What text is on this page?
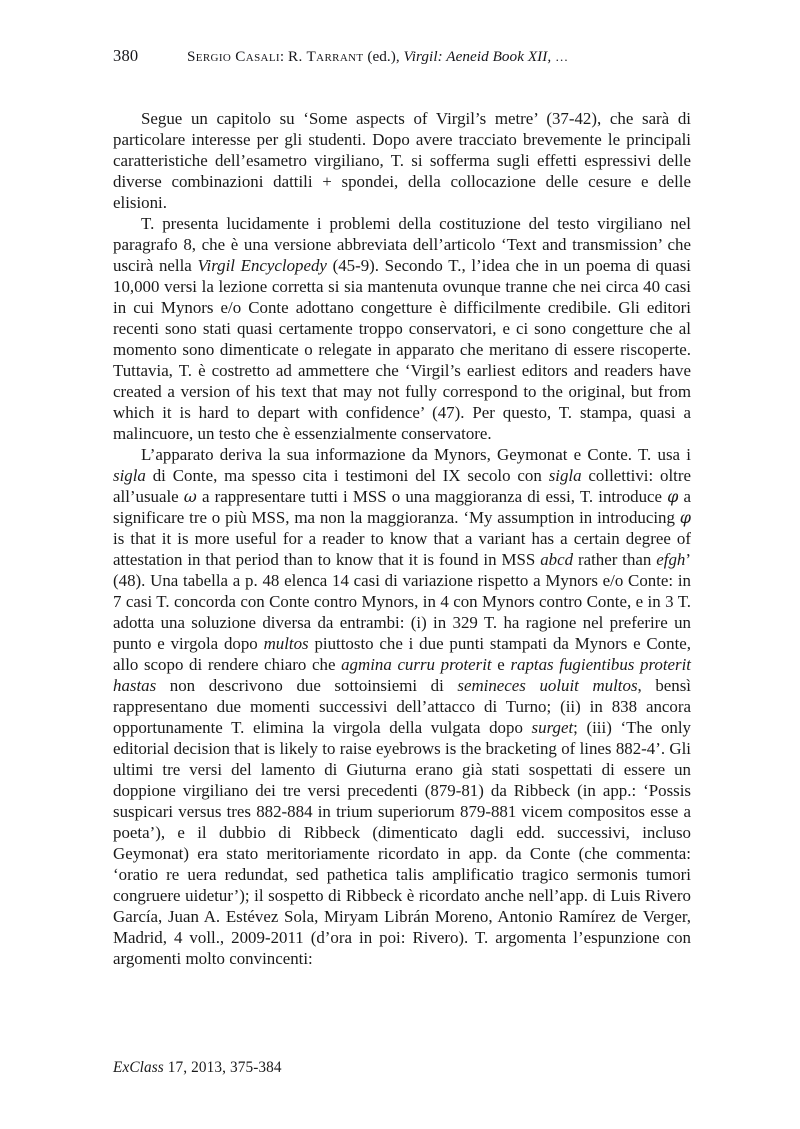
380	Sergio Casali: R. Tarrant (ed.), Virgil: Aeneid Book XII, …

Segue un capitolo su ‘Some aspects of Virgil’s metre’ (37-42), che sarà di particolare interesse per gli studenti. Dopo avere tracciato brevemente le principali caratteristiche dell’esametro virgiliano, T. si sofferma sugli effetti espressivi delle diverse combinazioni dattili + spondei, della collocazione delle cesure e delle elisioni.

T. presenta lucidamente i problemi della costituzione del testo virgiliano nel paragrafo 8, che è una versione abbreviata dell’articolo ‘Text and transmission’ che uscirà nella Virgil Encyclopedy (45-9). Secondo T., l’idea che in un poema di quasi 10,000 versi la lezione corretta si sia mantenuta ovunque tranne che nei circa 40 casi in cui Mynors e/o Conte adottano congetture è difficilmente credibile. Gli editori recenti sono stati quasi certamente troppo conservatori, e ci sono congetture che al momento sono dimenticate o relegate in apparato che meritano di essere riscoperte. Tuttavia, T. è costretto ad ammettere che ‘Virgil’s earliest editors and readers have created a version of his text that may not fully correspond to the original, but from which it is hard to depart with confidence’ (47). Per questo, T. stampa, quasi a malincuore, un testo che è essenzialmente conservatore.

L’apparato deriva la sua informazione da Mynors, Geymonat e Conte. T. usa i sigla di Conte, ma spesso cita i testimoni del IX secolo con sigla collettivi: oltre all’usuale ω a rappresentare tutti i MSS o una maggioranza di essi, T. introduce φ a significare tre o più MSS, ma non la maggioranza. ‘My assumption in introducing φ is that it is more useful for a reader to know that a variant has a certain degree of attestation in that period than to know that it is found in MSS abcd rather than efgh’ (48). Una tabella a p. 48 elenca 14 casi di variazione rispetto a Mynors e/o Conte: in 7 casi T. concorda con Conte contro Mynors, in 4 con Mynors contro Conte, e in 3 T. adotta una soluzione diversa da entrambi: (i) in 329 T. ha ragione nel preferire un punto e virgola dopo multos piuttosto che i due punti stampati da Mynors e Conte, allo scopo di rendere chiaro che agmina curru proterit e raptas fugientibus proterit hastas non descrivono due sottoinsiemi di semineces uoluit multos, bensì rappresentano due momenti successivi dell’attacco di Turno; (ii) in 838 ancora opportunamente T. elimina la virgola della vulgata dopo surget; (iii) ‘The only editorial decision that is likely to raise eyebrows is the bracketing of lines 882-4’. Gli ultimi tre versi del lamento di Giuturna erano già stati sospettati di essere un doppione virgiliano dei tre versi precedenti (879-81) da Ribbeck (in app.: ‘Possis suspicari versus tres 882-884 in trium superiorum 879-881 vicem compositos esse a poeta’), e il dubbio di Ribbeck (dimenticato dagli edd. successivi, incluso Geymonat) era stato meritoriamente ricordato in app. da Conte (che commenta: ‘oratio re uera redundat, sed pathetica talis amplificatio tragico sermonis tumori congruere uidetur’); il sospetto di Ribbeck è ricordato anche nell’app. di Luis Rivero García, Juan A. Estévez Sola, Miryam Librán Moreno, Antonio Ramírez de Verger, Madrid, 4 voll., 2009-2011 (d’ora in poi: Rivero). T. argomenta l’espunzione con argomenti molto convincenti:

ExClass 17, 2013, 375-384
